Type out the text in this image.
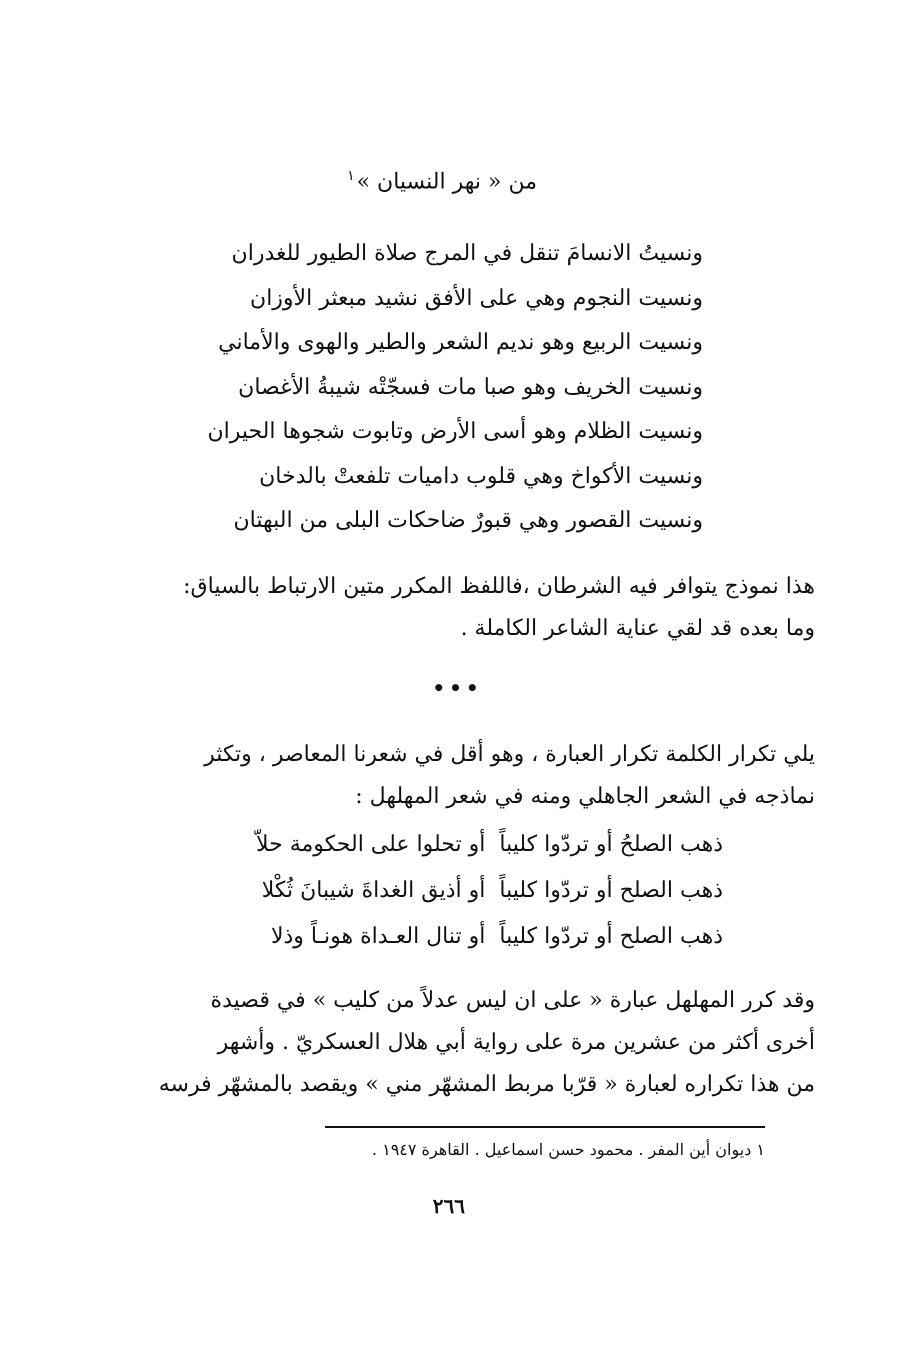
من « نهر النسيان »$^١$
ونسيتُ الانسامَ تنقل في المرج صلاة الطيور للغدران
ونسيت النجوم وهي على الأفق نشيد مبعثر الأوزان
ونسيت الربيع وهو نديم الشعر والطير والهوى والأماني
ونسيت الخريف وهو صبا مات فسجّتْه شيبةُ الأغصان
ونسيت الظلام وهو أسى الأرض وتابوت شجوها الحيران
ونسيت الأكواخ وهي قلوب داميات تلفعتْ بالدخان
ونسيت القصور وهي قبورٌ ضاحكات البلى من البهتان
هذا نموذج يتوافر فيه الشرطان ،فاللفظ المكرر متين الارتباط بالسياق:
وما بعده قد لقي عناية الشاعر الكاملة .
•••
يلي تكرار الكلمة تكرار العبارة ، وهو أقل في شعرنا المعاصر ، وتكثر
نماذجه في الشعر الجاهلي ومنه في شعر المهلهل :
ذهب الصلحُ أو تردّوا كليباً
أو تحلوا على الحكومة حلاّ
ذهب الصلح أو تردّوا كليباً
أو أذيق الغداةَ شيبانَ ثُكْلا
ذهب الصلح أو تردّوا كليباً
أو تنال العـداة هونـاً وذلا
وقد كرر المهلهل عبارة « على ان ليس عدلاً من كليب » في قصيدة
أخرى أكثر من عشرين مرة على رواية أبي هلال العسكريّ . وأشهر
من هذا تكراره لعبارة « قرّبا مربط المشهّر مني » ويقصد بالمشهّر فرسه
١ ديوان أين المفر . محمود حسن اسماعيل . القاهرة ١٩٤٧ .
٢٦٦
